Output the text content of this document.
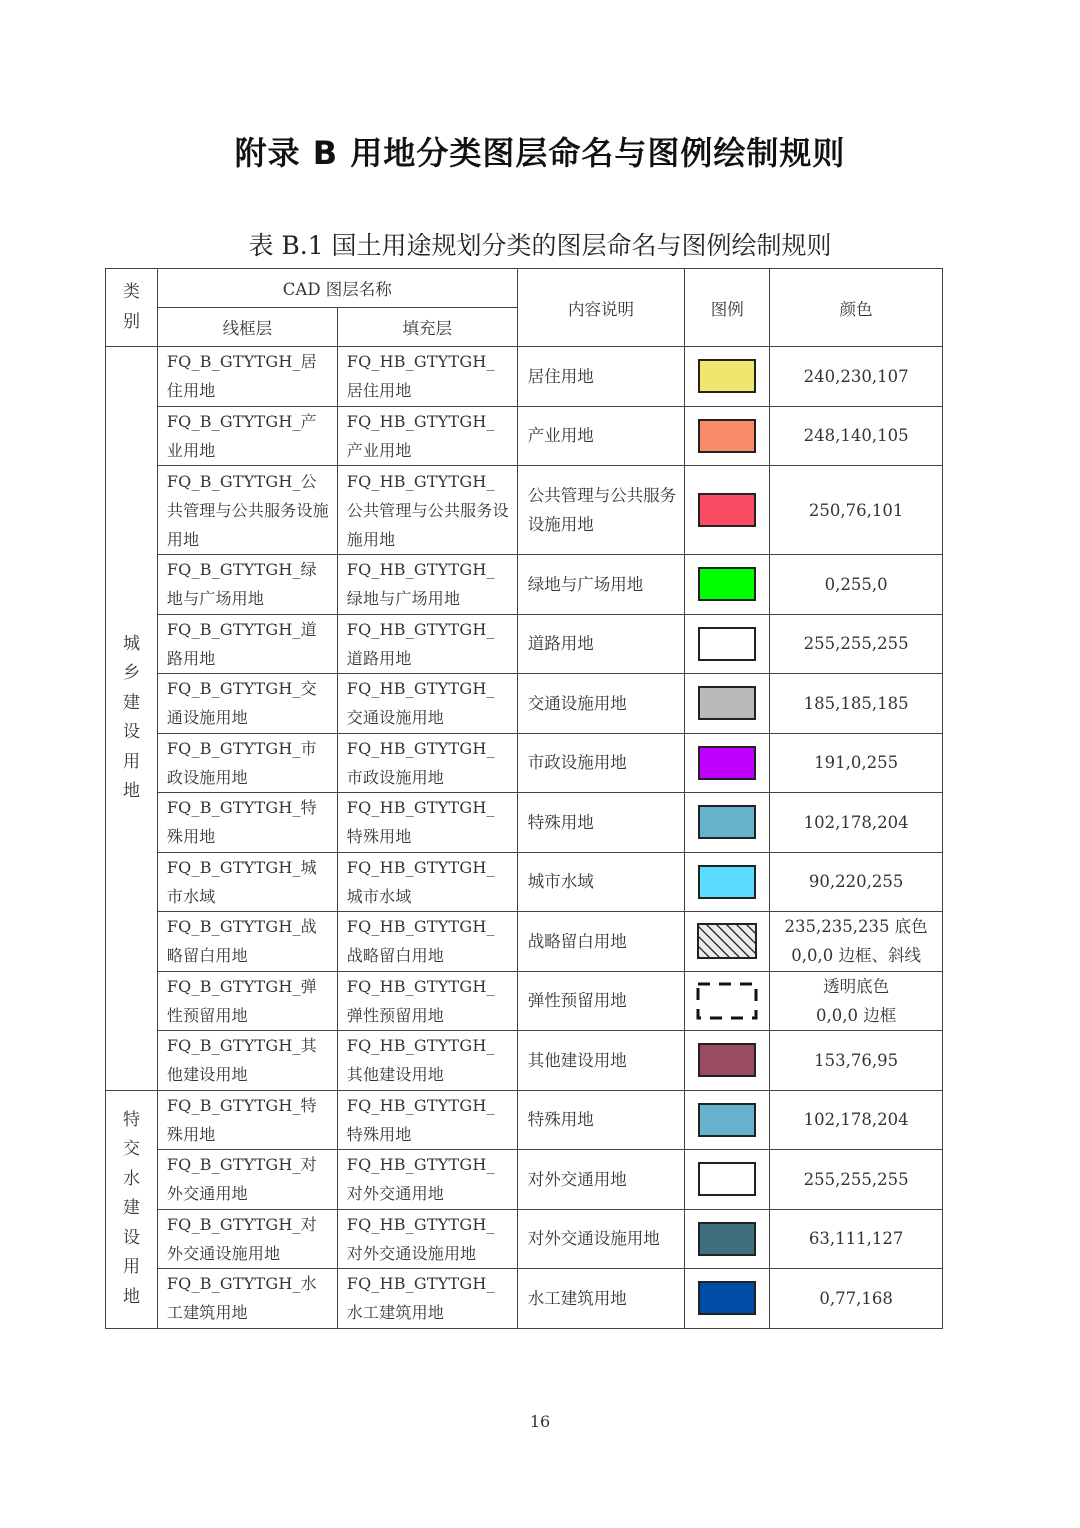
附录 B 用地分类图层命名与图例绘制规则
表 B.1 国土用途规划分类的图层命名与图例绘制规则
类别	CAD 图层名称		内容说明	图例	颜色
	线框层	填充层			
城乡建设用地	FQ_B_GTYTGH_居住用地	FQ_HB_GTYTGH_居住用地	居住用地		240,230,107

	FQ_B_GTYTGH_产业用地	FQ_HB_GTYTGH_产业用地	产业用地		248,140,105

	FQ_B_GTYTGH_公共管理与公共服务设施用地	FQ_HB_GTYTGH_公共管理与公共服务设施用地	公共管理与公共服务设施用地		250,76,101

	FQ_B_GTYTGH_绿地与广场用地	FQ_HB_GTYTGH_绿地与广场用地	绿地与广场用地		0,255,0

	FQ_B_GTYTGH_道路用地	FQ_HB_GTYTGH_道路用地	道路用地		255,255,255

	FQ_B_GTYTGH_交通设施用地	FQ_HB_GTYTGH_交通设施用地	交通设施用地		185,185,185

	FQ_B_GTYTGH_市政设施用地	FQ_HB_GTYTGH_市政设施用地	市政设施用地		191,0,255

	FQ_B_GTYTGH_特殊用地	FQ_HB_GTYTGH_特殊用地	特殊用地		102,178,204

	FQ_B_GTYTGH_城市水域	FQ_HB_GTYTGH_城市水域	城市水域		90,220,255

	FQ_B_GTYTGH_战略留白用地	FQ_HB_GTYTGH_战略留白用地	战略留白用地		235,235,235 底色
0,0,0 边框、斜线

	FQ_B_GTYTGH_弹性预留用地	FQ_HB_GTYTGH_弹性预留用地	弹性预留用地		透明底色
0,0,0 边框

	FQ_B_GTYTGH_其他建设用地	FQ_HB_GTYTGH_其他建设用地	其他建设用地		153,76,95

特交水建设用地	FQ_B_GTYTGH_特殊用地	FQ_HB_GTYTGH_特殊用地	特殊用地		102,178,204

	FQ_B_GTYTGH_对外交通用地	FQ_HB_GTYTGH_对外交通用地	对外交通用地		255,255,255

	FQ_B_GTYTGH_对外交通设施用地	FQ_HB_GTYTGH_对外交通设施用地	对外交通设施用地		63,111,127

	FQ_B_GTYTGH_水工建筑用地	FQ_HB_GTYTGH_水工建筑用地	水工建筑用地		0,77,168
16
